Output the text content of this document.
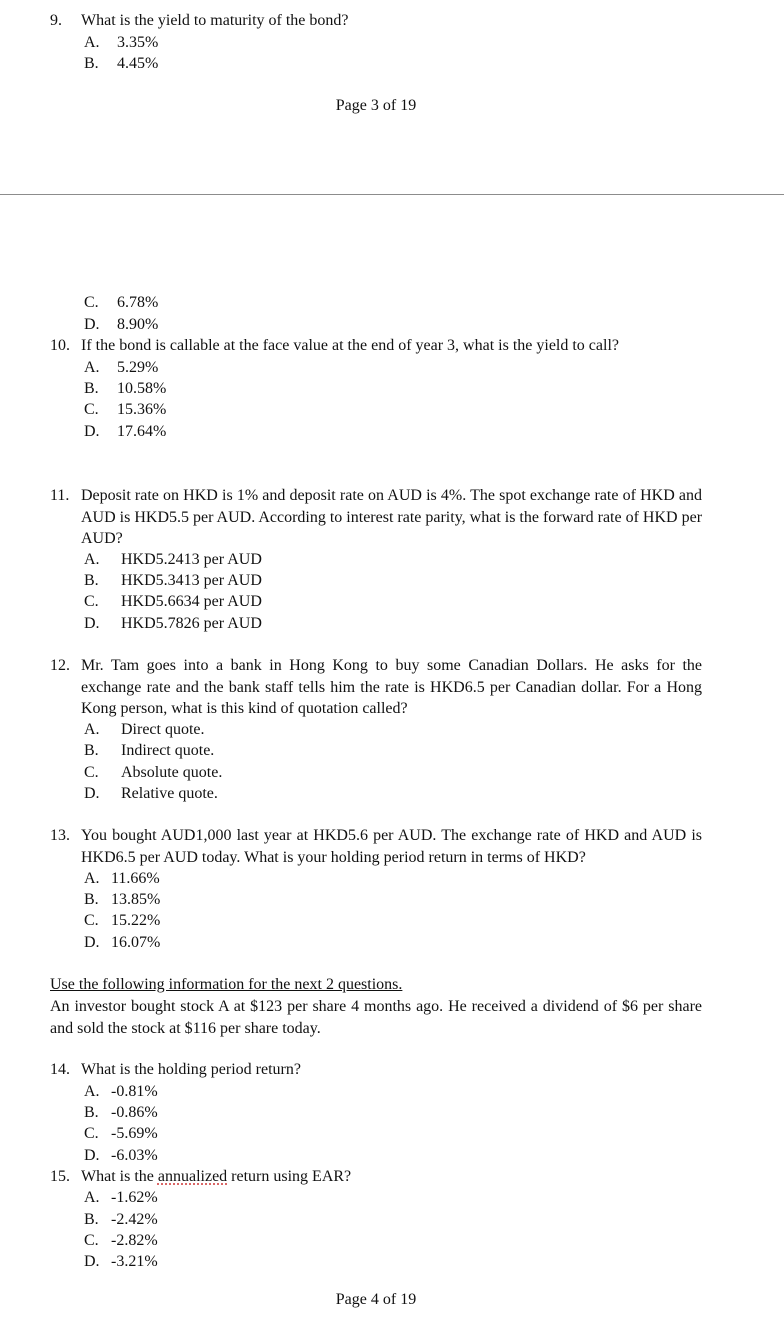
9. What is the yield to maturity of the bond?
A. 3.35%
B. 4.45%
Page 3 of 19
C. 6.78%
D. 8.90%
10. If the bond is callable at the face value at the end of year 3, what is the yield to call?
A. 5.29%
B. 10.58%
C. 15.36%
D. 17.64%
11. Deposit rate on HKD is 1% and deposit rate on AUD is 4%. The spot exchange rate of HKD and AUD is HKD5.5 per AUD. According to interest rate parity, what is the forward rate of HKD per AUD?
A. HKD5.2413 per AUD
B. HKD5.3413 per AUD
C. HKD5.6634 per AUD
D. HKD5.7826 per AUD
12. Mr. Tam goes into a bank in Hong Kong to buy some Canadian Dollars. He asks for the exchange rate and the bank staff tells him the rate is HKD6.5 per Canadian dollar. For a Hong Kong person, what is this kind of quotation called?
A. Direct quote.
B. Indirect quote.
C. Absolute quote.
D. Relative quote.
13. You bought AUD1,000 last year at HKD5.6 per AUD. The exchange rate of HKD and AUD is HKD6.5 per AUD today. What is your holding period return in terms of HKD?
A. 11.66%
B. 13.85%
C. 15.22%
D. 16.07%
Use the following information for the next 2 questions.
An investor bought stock A at $123 per share 4 months ago. He received a dividend of $6 per share and sold the stock at $116 per share today.
14. What is the holding period return?
A. -0.81%
B. -0.86%
C. -5.69%
D. -6.03%
15. What is the annualized return using EAR?
A. -1.62%
B. -2.42%
C. -2.82%
D. -3.21%
Page 4 of 19
